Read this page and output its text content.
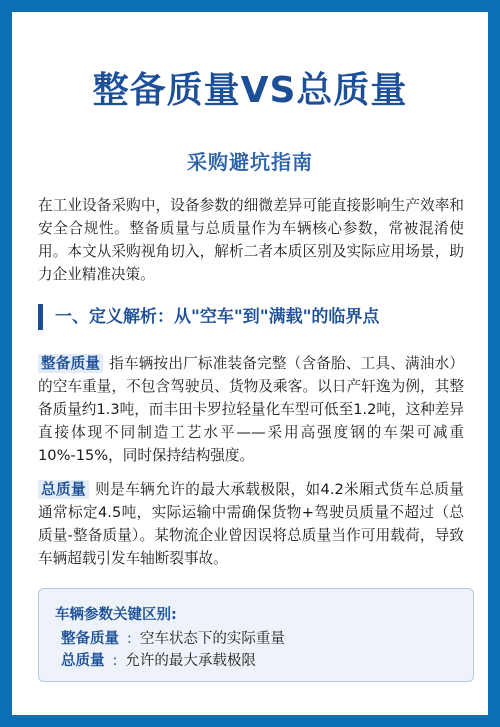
整备质量VS总质量
采购避坑指南

在工业设备采购中，设备参数的细微差异可能直接影响生产效率和安全合规性。整备质量与总质量作为车辆核心参数，常被混淆使用。本文从采购视角切入，解析二者本质区别及实际应用场景，助力企业精准决策。

一、定义解析：从"空车"到"满载"的临界点

整备质量 指车辆按出厂标准装备完整（含备胎、工具、满油水）的空车重量，不包含驾驶员、货物及乘客。以日产轩逸为例，其整备质量约1.3吨，而丰田卡罗拉轻量化车型可低至1.2吨，这种差异直接体现不同制造工艺水平——采用高强度钢的车架可减重10%-15%，同时保持结构强度。

总质量 则是车辆允许的最大承载极限，如4.2米厢式货车总质量通常标定4.5吨，实际运输中需确保货物+驾驶员质量不超过（总质量-整备质量）。某物流企业曾因误将总质量当作可用载荷，导致车辆超载引发车轴断裂事故。

车辆参数关键区别:
整备质量 : 空车状态下的实际重量
总质量 : 允许的最大承载极限
